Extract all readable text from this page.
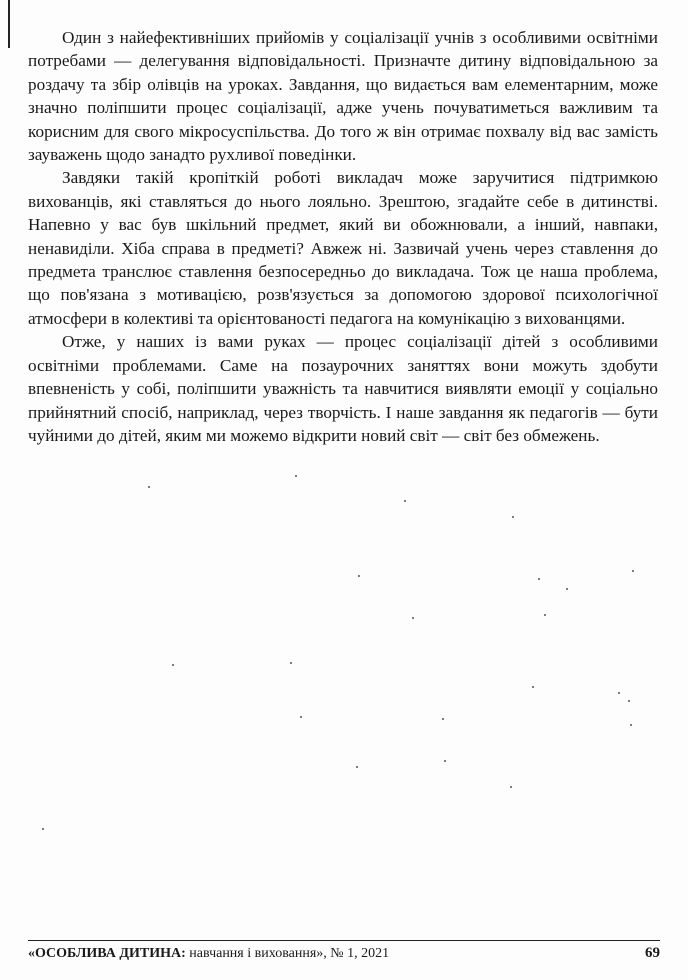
Один з найефективніших прийомів у соціалізації учнів з особливими освітніми потребами — делегування відповідальності. Призначте дитину відповідальною за роздачу та збір олівців на уроках. Завдання, що видається вам елементарним, може значно поліпшити процес соціалізації, адже учень почуватиметься важливим та корисним для свого мікросуспільства. До того ж він отримає похвалу від вас замість зауважень щодо занадто рухливої поведінки.

Завдяки такій кропіткій роботі викладач може заручитися підтримкою вихованців, які ставляться до нього лояльно. Зрештою, згадайте себе в дитинстві. Напевно у вас був шкільний предмет, який ви обожнювали, а інший, навпаки, ненавиділи. Хіба справа в предметі? Авжеж ні. Зазвичай учень через ставлення до предмета транслює ставлення безпосередньо до викладача. Тож це наша проблема, що пов'язана з мотивацією, розв'язується за допомогою здорової психологічної атмосфери в колективі та орієнтованості педагога на комунікацію з вихованцями.

Отже, у наших із вами руках — процес соціалізації дітей з особливими освітніми проблемами. Саме на позаурочних заняттях вони можуть здобути впевненість у собі, поліпшити уважність та навчитися виявляти емоції у соціально прийнятний спосіб, наприклад, через творчість. І наше завдання як педагогів — бути чуйними до дітей, яким ми можемо відкрити новий світ — світ без обмежень.

«ОСОБЛИВА ДИТИНА: навчання і виховання», № 1, 2021	69
